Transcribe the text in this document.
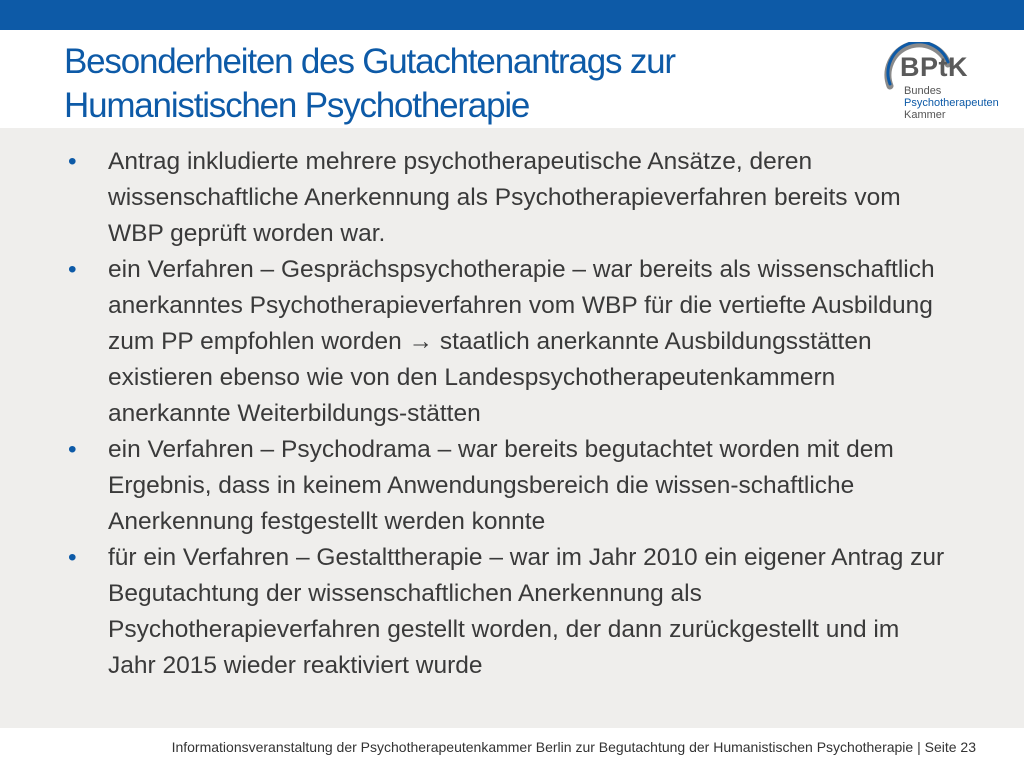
Besonderheiten des Gutachtenantrags zur
Humanistischen Psychotherapie
BPtK
Bundes
Psychotherapeuten
Kammer
• Antrag inkludierte mehrere psychotherapeutische Ansätze, deren wissenschaftliche Anerkennung als Psychotherapieverfahren bereits vom WBP geprüft worden war.
• ein Verfahren – Gesprächspsychotherapie – war bereits als wissenschaftlich anerkanntes Psychotherapieverfahren vom WBP für die vertiefte Ausbildung zum PP empfohlen worden → staatlich anerkannte Ausbildungsstätten existieren ebenso wie von den Landespsychotherapeutenkammern anerkannte Weiterbildungs-stätten
• ein Verfahren – Psychodrama – war bereits begutachtet worden mit dem Ergebnis, dass in keinem Anwendungsbereich die wissen-schaftliche Anerkennung festgestellt werden konnte
• für ein Verfahren – Gestalttherapie – war im Jahr 2010 ein eigener Antrag zur Begutachtung der wissenschaftlichen Anerkennung als Psychotherapieverfahren gestellt worden, der dann zurückgestellt und im Jahr 2015 wieder reaktiviert wurde
Informationsveranstaltung der Psychotherapeutenkammer Berlin zur Begutachtung der Humanistischen Psychotherapie | Seite 23
